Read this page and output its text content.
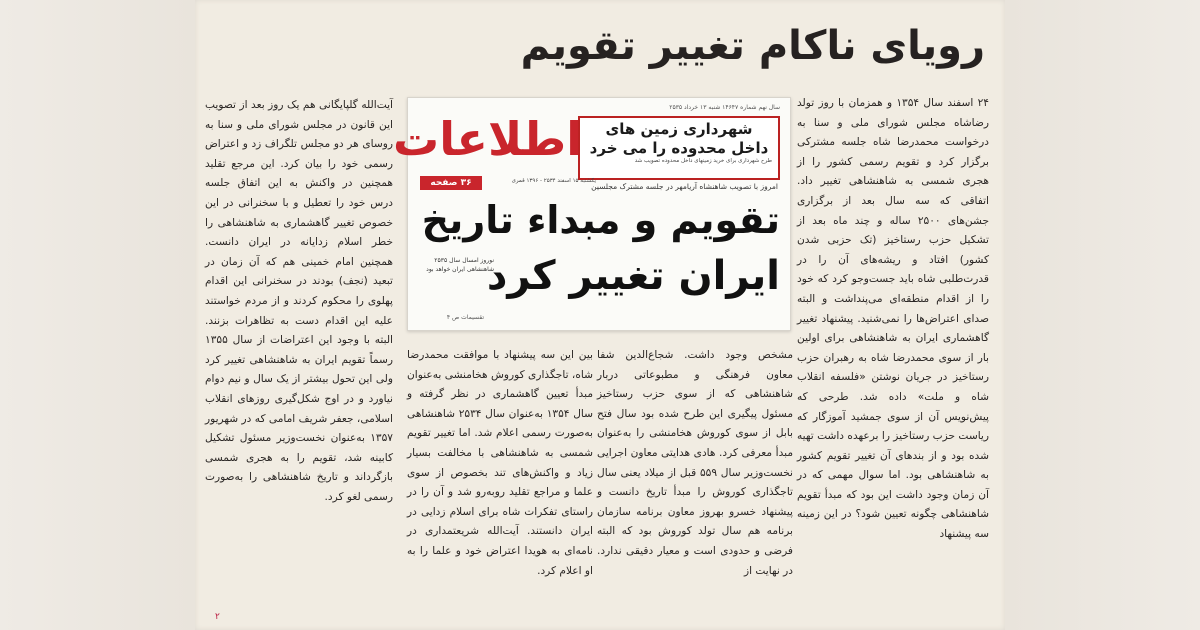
رویای ناکام تغییر تقویم

۲۴ اسفند سال ۱۳۵۴ و همزمان با روز تولد رضاشاه مجلس شورای ملی و سنا به درخواست محمدرضا شاه جلسه مشترکی برگزار کرد و تقویم رسمی کشور را از هجری شمسی به شاهنشاهی تغییر داد. اتفاقی که سه سال بعد از برگزاری جشن‌های ۲۵۰۰ ساله و چند ماه بعد از تشکیل حزب رستاخیز (تک حزبی شدن کشور) افتاد و ریشه‌های آن را در قدرت‌طلبی شاه باید جست‌وجو کرد که خود را از اقدام منطقه‌ای می‌پنداشت و البته صدای اعتراض‌ها را نمی‌شنید. پیشنهاد تغییر گاهشماری ایران به شاهنشاهی برای اولین بار از سوی محمدرضا شاه به رهبران حزب رستاخیز در جریان نوشتن «فلسفه انقلاب شاه و ملت» داده شد. طرحی که پیش‌نویس آن از سوی جمشید آموزگار که ریاست حزب رستاخیز را برعهده داشت تهیه شده بود و از بندهای آن تغییر تقویم کشور به شاهنشاهی بود. اما سوال مهمی که در آن زمان وجود داشت این بود که مبدأ تقویم شاهنشاهی چگونه تعیین شود؟ در این زمینه سه پیشنهاد

سال نهم شماره ۱۴۶۴۷ شنبه ۱۳ خرداد ۲۵۳۵
شهرداری زمین های
داخل محدوده را می خرد
طرح شهرداری برای خرید زمینهای داخل محدوده تصویب شد
اطلاعات
۳۶ صفحه	یکشنبه ۱۵ اسفند ۲۵۳۴ - ۱۳۹۶ قمری
امروز با تصویب شاهنشاه آریامهر در جلسه مشترک مجلسین
تقویم و مبداء تاریخ
ایران تغییر کرد
نوروز امسال سال ۲۵۳۵ شاهنشاهی ایران خواهد بود
تقسیمات ص ۴

مشخص وجود داشت. شجاع‌الدین شفا معاون فرهنگی و مطبوعاتی دربار شاهنشاهی که از سوی حزب رستاخیز مسئول پیگیری این طرح شده بود سال فتح بابل از سوی کوروش هخامنشی را به‌عنوان مبدأ معرفی کرد. هادی هدایتی معاون اجرایی نخست‌وزیر سال ۵۵۹ قبل از میلاد یعنی سال تاجگذاری کوروش را مبدأ تاریخ دانست و پیشنهاد خسرو بهروز معاون برنامه سازمان برنامه هم سال تولد کوروش بود که البته فرضی و حدودی است و معیار دقیقی ندارد. در نهایت از

بین این سه پیشنهاد با موافقت محمدرضا شاه، تاجگذاری کوروش هخامنشی به‌عنوان مبدأ تعیین گاهشماری در نظر گرفته و سال ۱۳۵۴ به‌عنوان سال ۲۵۳۴ شاهنشاهی به‌صورت رسمی اعلام شد. اما تغییر تقویم شمسی به شاهنشاهی با مخالفت بسیار زیاد و واکنش‌های تند بخصوص از سوی علما و مراجع تقلید روبه‌رو شد و آن را در راستای تفکرات شاه برای اسلام زدایی در ایران دانستند. آیت‌الله شریعتمداری در نامه‌ای به هویدا اعتراض خود و علما را به او اعلام کرد.

آیت‌الله گلپایگانی هم یک روز بعد از تصویب این قانون در مجلس شورای ملی و سنا به روسای هر دو مجلس تلگراف زد و اعتراض رسمی خود را بیان کرد. این مرجع تقلید همچنین در واکنش به این اتفاق جلسه درس خود را تعطیل و با سخنرانی در این خصوص تغییر گاهشماری به شاهنشاهی را خطر اسلام زدایانه در ایران دانست. همچنین امام خمینی هم که آن زمان در تبعید (نجف) بودند در سخنرانی این اقدام پهلوی را محکوم کردند و از مردم خواستند علیه این اقدام دست به تظاهرات بزنند. البته با وجود این اعتراضات از سال ۱۳۵۵ رسماً تقویم ایران به شاهنشاهی تغییر کرد ولی این تحول بیشتر از یک سال و نیم دوام نیاورد و در اوج شکل‌گیری روزهای انقلاب اسلامی، جعفر شریف امامی که در شهریور ۱۳۵۷ به‌عنوان نخست‌وزیر مسئول تشکیل کابینه شد، تقویم را به هجری شمسی بازگرداند و تاریخ شاهنشاهی را به‌صورت رسمی لغو کرد.

۲
